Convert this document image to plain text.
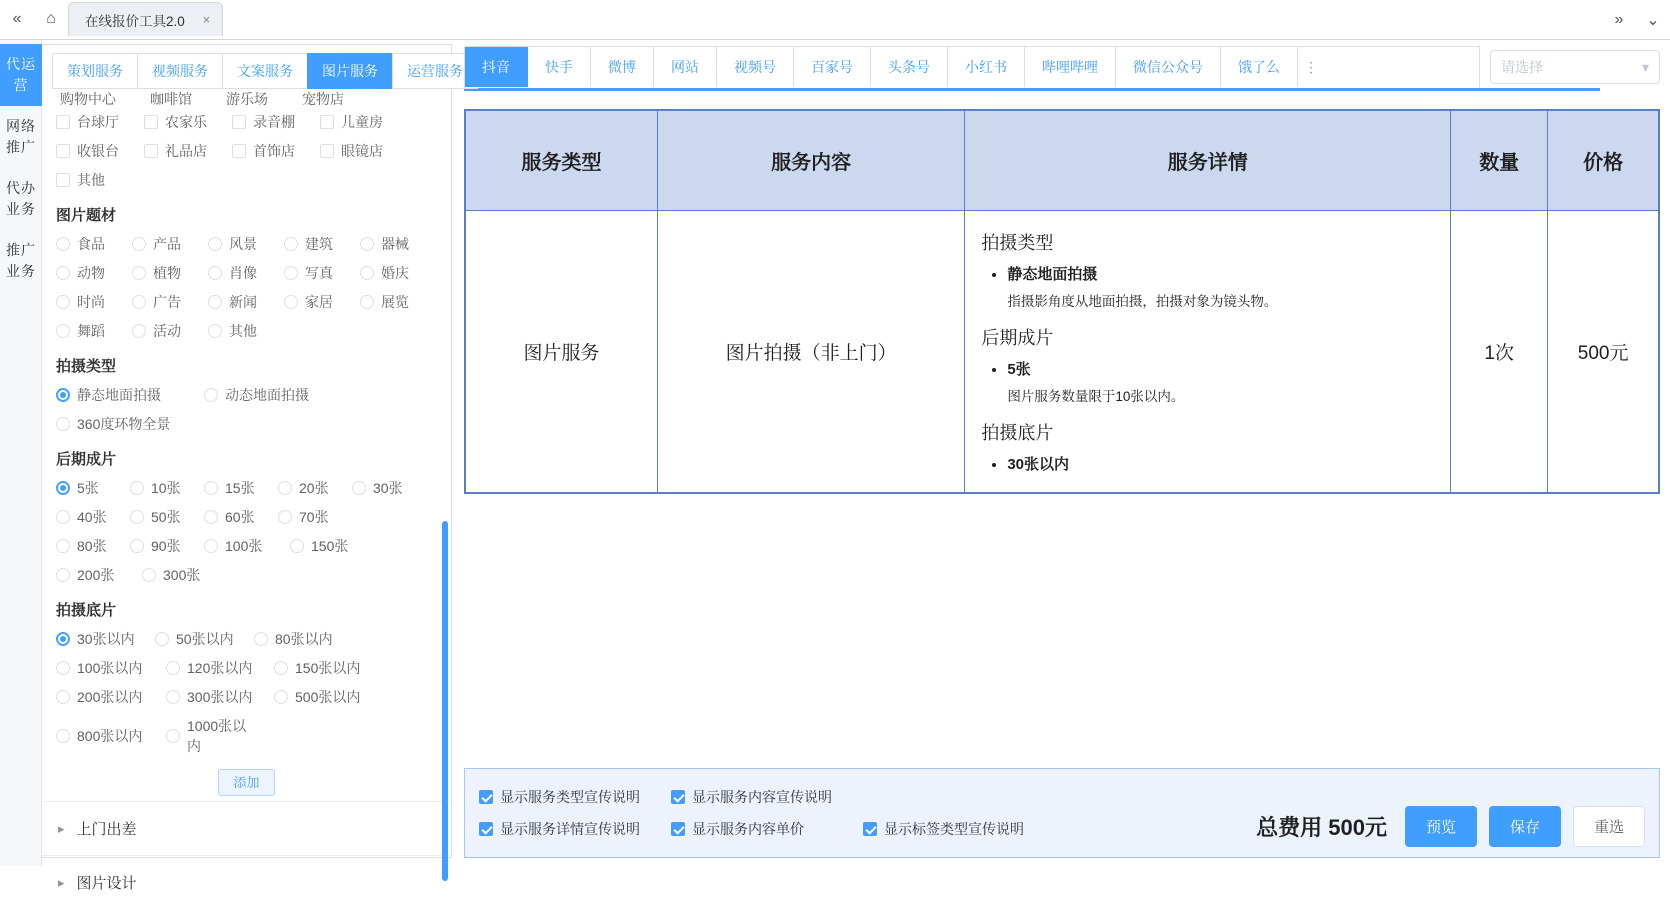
«	⌂	在线报价工具2.0 ×	»	⌄
代运营
网络推广
代办业务
推广业务
策划服务	视频服务	文案服务	图片服务	运营服务
购物中心 咖啡馆 游乐场 宠物店
台球厅	农家乐	录音棚	儿童房
收银台	礼品店	首饰店	眼镜店
其他
图片题材
食品	产品	风景	建筑	器械
动物	植物	肖像	写真	婚庆
时尚	广告	新闻	家居	展览
舞蹈	活动	其他
拍摄类型
静态地面拍摄	动态地面拍摄
360度环物全景
后期成片
5张	10张	15张	20张	30张
40张	50张	60张	70张
80张	90张	100张	150张
200张	300张
拍摄底片
30张以内	50张以内	80张以内
100张以内	120张以内	150张以内
200张以内	300张以内	500张以内
800张以内
1000张以内
添加
▸ 上门出差
▸ 图片设计
抖音	快手	微博	网站	视频号	百家号	头条号	小红书	哔哩哔哩	微信公众号	饿了么	⋮	请选择	▾
服务类型	服务内容	服务详情	数量	价格
图片服务	图片拍摄（非上门）	
拍摄类型
• 静态地面拍摄
指摄影角度从地面拍摄，拍摄对象为镜头物。
后期成片
• 5张
图片服务数量限于10张以内。
拍摄底片
• 30张以内
	1次	500元
显示服务类型宣传说明	显示服务内容宣传说明
显示服务详情宣传说明	显示服务内容单价	显示标签类型宣传说明	总费用 500元	预览	保存	重选
